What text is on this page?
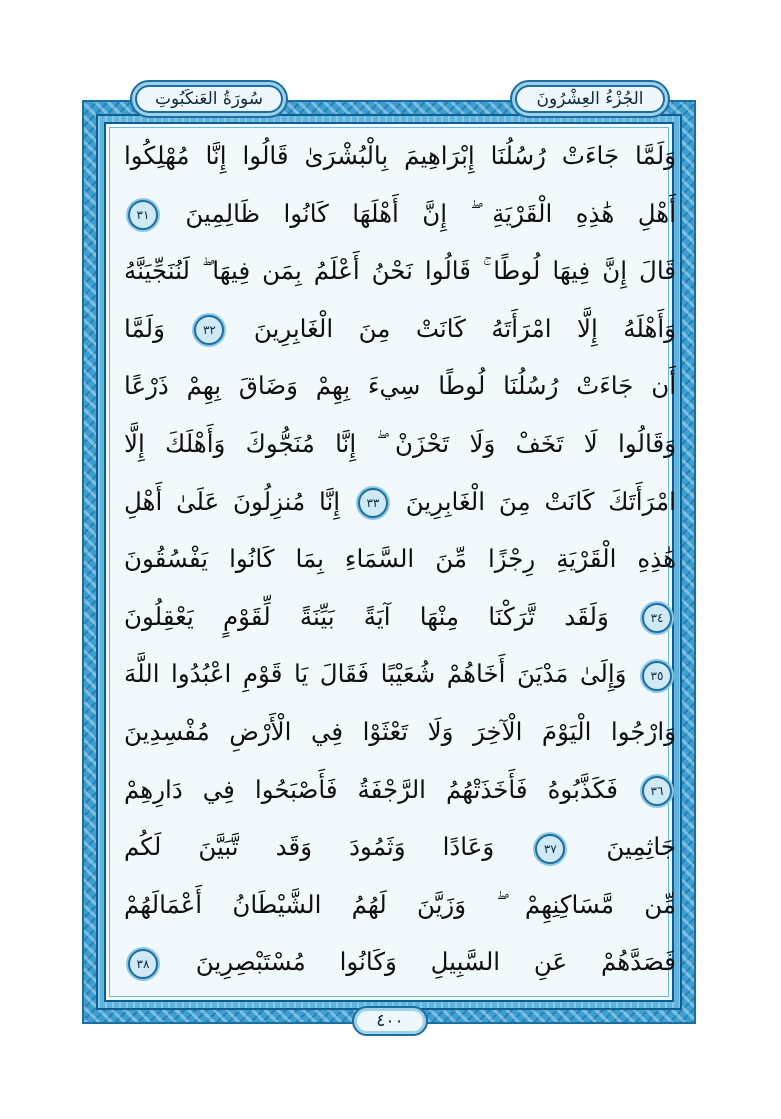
الجُزْءُ العِشْرُونَ
سُورَةُ العَنكَبُوتِ
وَلَمَّا جَاءَتْ رُسُلُنَا إِبْرَاهِيمَ بِالْبُشْرَىٰ قَالُوا إِنَّا مُهْلِكُوا
أَهْلِ هَٰذِهِ الْقَرْيَةِ ۖ إِنَّ أَهْلَهَا كَانُوا ظَالِمِينَ ٣١
قَالَ إِنَّ فِيهَا لُوطًا ۚ قَالُوا نَحْنُ أَعْلَمُ بِمَن فِيهَا ۖ لَنُنَجِّيَنَّهُ
وَأَهْلَهُ إِلَّا امْرَأَتَهُ كَانَتْ مِنَ الْغَابِرِينَ ٣٢ وَلَمَّا
أَن جَاءَتْ رُسُلُنَا لُوطًا سِيءَ بِهِمْ وَضَاقَ بِهِمْ ذَرْعًا
وَقَالُوا لَا تَخَفْ وَلَا تَحْزَنْ ۖ إِنَّا مُنَجُّوكَ وَأَهْلَكَ إِلَّا
امْرَأَتَكَ كَانَتْ مِنَ الْغَابِرِينَ ٣٣ إِنَّا مُنزِلُونَ عَلَىٰ أَهْلِ
هَٰذِهِ الْقَرْيَةِ رِجْزًا مِّنَ السَّمَاءِ بِمَا كَانُوا يَفْسُقُونَ
٣٤ وَلَقَد تَّرَكْنَا مِنْهَا آيَةً بَيِّنَةً لِّقَوْمٍ يَعْقِلُونَ
٣٥ وَإِلَىٰ مَدْيَنَ أَخَاهُمْ شُعَيْبًا فَقَالَ يَا قَوْمِ اعْبُدُوا اللَّهَ
وَارْجُوا الْيَوْمَ الْآخِرَ وَلَا تَعْثَوْا فِي الْأَرْضِ مُفْسِدِينَ
٣٦ فَكَذَّبُوهُ فَأَخَذَتْهُمُ الرَّجْفَةُ فَأَصْبَحُوا فِي دَارِهِمْ
جَاثِمِينَ ٣٧ وَعَادًا وَثَمُودَ وَقَد تَّبَيَّنَ لَكُم
مِّن مَّسَاكِنِهِمْ ۖ وَزَيَّنَ لَهُمُ الشَّيْطَانُ أَعْمَالَهُمْ
فَصَدَّهُمْ عَنِ السَّبِيلِ وَكَانُوا مُسْتَبْصِرِينَ ٣٨
٤٠٠
